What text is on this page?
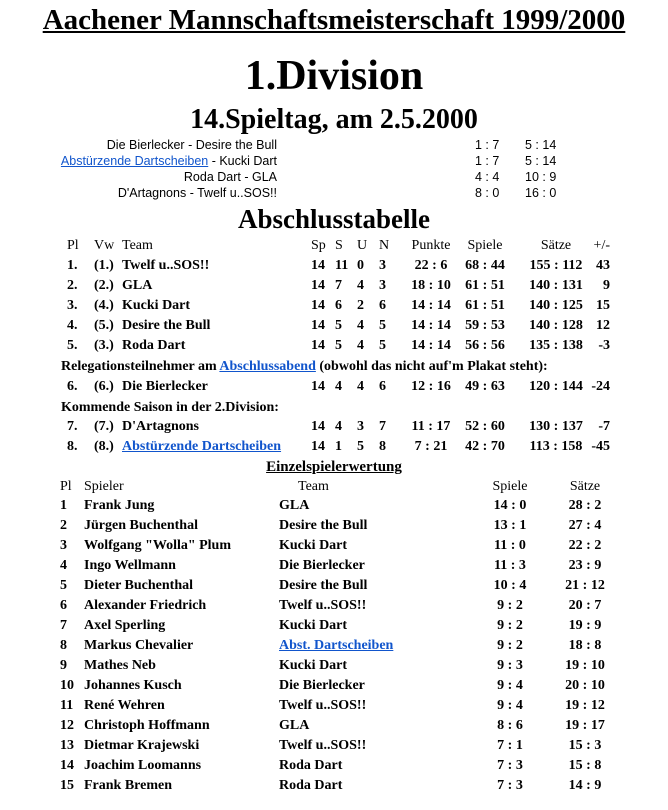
Aachener Mannschaftsmeisterschaft 1999/2000
1.Division
14.Spieltag, am 2.5.2000
Die Bierlecker - Desire the Bull	1 : 7 5 : 14
Abstürzende Dartscheiben - Kucki Dart	1 : 7 5 : 14
Roda Dart - GLA	4 : 4 10 : 9
D'Artagnons - Twelf u..SOS!!	8 : 0 16 : 0
Abschlusstabelle
Pl	Vw Team	Sp S U N	Punkte	Spiele	Sätze	+/-
1.	(1.) Twelf u..SOS!!	14 11 0 3	22 : 6	68 : 44	155 : 112 43
2.	(2.) GLA	14 7 4 3	18 : 10	61 : 51	140 : 131	9
3.	(4.) Kucki Dart	14 6 2 6	14 : 14	61 : 51	140 : 125 15
4.	(5.) Desire the Bull	14 5 4 5	14 : 14	59 : 53	140 : 128 12
5.	(3.) Roda Dart	14 5 4 5	14 : 14	56 : 56	135 : 138	-3
Relegationsteilnehmer am Abschlussabend (obwohl das nicht auf'm Plakat steht):
6.	(6.) Die Bierlecker	14 4 4 6	12 : 16	49 : 63	120 : 144 -24
Kommende Saison in der 2.Division:
7.	(7.) D'Artagnons	14 4 3 7	11 : 17	52 : 60	130 : 137	-7
8.	(8.) Abstürzende Dartscheiben 14 1 5 8	7 : 21	42 : 70	113 : 158 -45
Einzelspielerwertung
Pl Spieler	Team	Spiele	Sätze
1 Frank Jung	GLA	14 : 0	28 : 2
2 Jürgen Buchenthal	Desire the Bull	13 : 1	27 : 4
3 Wolfgang "Wolla" Plum	Kucki Dart	11 : 0	22 : 2
4 Ingo Wellmann	Die Bierlecker	11 : 3	23 : 9
5 Dieter Buchenthal	Desire the Bull	10 : 4	21 : 12
6 Alexander Friedrich	Twelf u..SOS!!	9 : 2	20 : 7
7 Axel Sperling	Kucki Dart	9 : 2	19 : 9
8 Markus Chevalier	Abst. Dartscheiben	9 : 2	18 : 8
9 Mathes Neb	Kucki Dart	9 : 3	19 : 10
10 Johannes Kusch	Die Bierlecker	9 : 4	20 : 10
11 René Wehren	Twelf u..SOS!!	9 : 4	19 : 12
12 Christoph Hoffmann	GLA	8 : 6	19 : 17
13 Dietmar Krajewski	Twelf u..SOS!!	7 : 1	15 : 3
14 Joachim Loomanns	Roda Dart	7 : 3	15 : 8
15 Frank Bremen	Roda Dart	7 : 3	14 : 9
